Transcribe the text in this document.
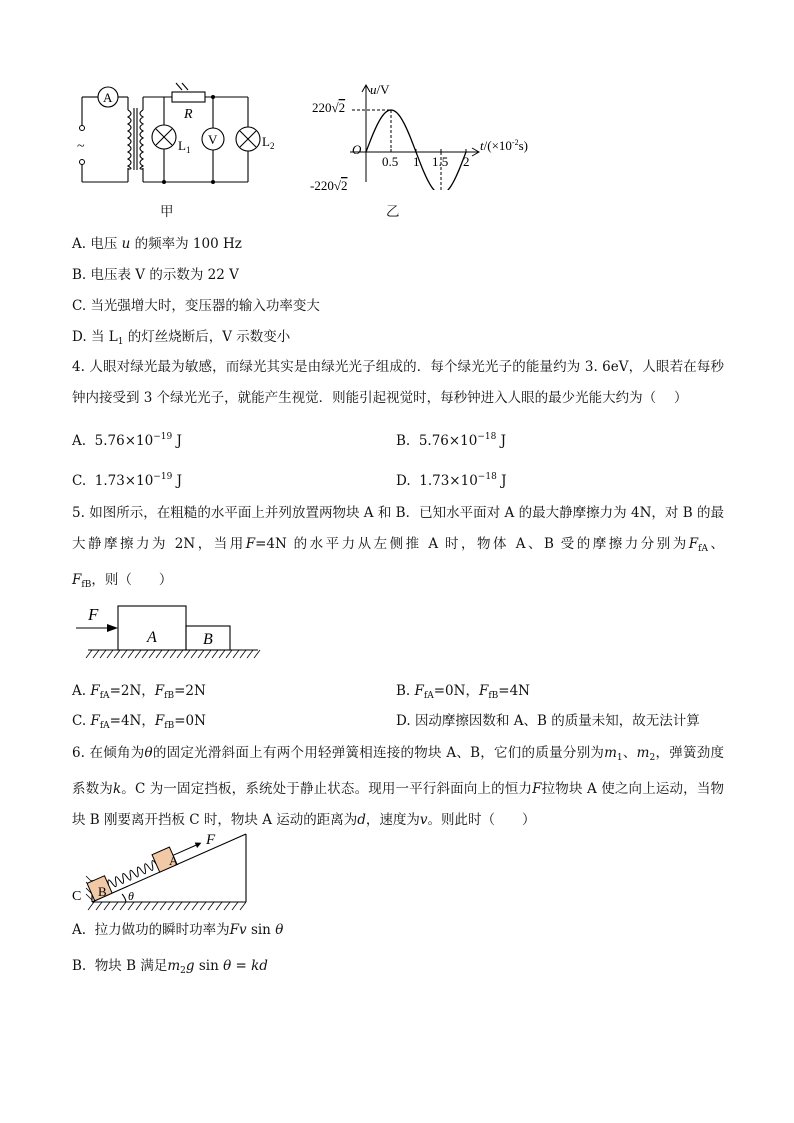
A
V
~
R
$L_1$
$L_2$
甲
u/V
O	$t/(\times 10^{-2}s)$
0.5 1 1.5 2
220√2
-220√2
乙
A. 电压 u 的频率为 100 Hz
B. 电压表 V 的示数为 22 V
C. 当光强增大时，变压器的输入功率变大
D. 当 $L_1$ 的灯丝烧断后，V 示数变小
4. 人眼对绿光最为敏感，而绿光其实是由绿光光子组成的．每个绿光光子的能量约为 3. 6eV，人眼若在每秒钟内接受到 3 个绿光光子，就能产生视觉．则能引起视觉时，每秒钟进入人眼的最少光能大约为（　 ）
A. $5.76\times 10^{-19}$ J	B. $5.76\times 10^{-18}$ J
C. $1.73\times 10^{-19}$ J	D. $1.73\times 10^{-18}$ J
5. 如图所示，在粗糙的水平面上并列放置两物块 A 和 B．已知水平面对 A 的最大静摩擦力为 4N，对 B 的最大静摩擦力为 2N，当用F=4N 的水平力从左侧推 A 时，物体 A、B 受的摩擦力分别为$F_{fA}$、$F_{fB}$，则（　　）
F
A	B
A. $F_{fA}=2N$，$F_{fB}=2N$	B. $F_{fA}=0N$，$F_{fB}=4N$
C. $F_{fA}=4N$，$F_{fB}=0N$	D. 因动摩擦因数和 A、B 的质量未知，故无法计算
6. 在倾角为θ的固定光滑斜面上有两个用轻弹簧相连接的物块 A、B，它们的质量分别为$m_1$、$m_2$，弹簧劲度系数为k。C 为一固定挡板，系统处于静止状态。现用一平行斜面向上的恒力F拉物块 A 使之向上运动，当物块 B 刚要离开挡板 C 时，物块 A 运动的距离为d，速度为v。则此时（　　）
C B
A
F
θ
A. 拉力做功的瞬时功率为Fv sin θ
B. 物块 B 满足$m_2g$ sin θ = kd
